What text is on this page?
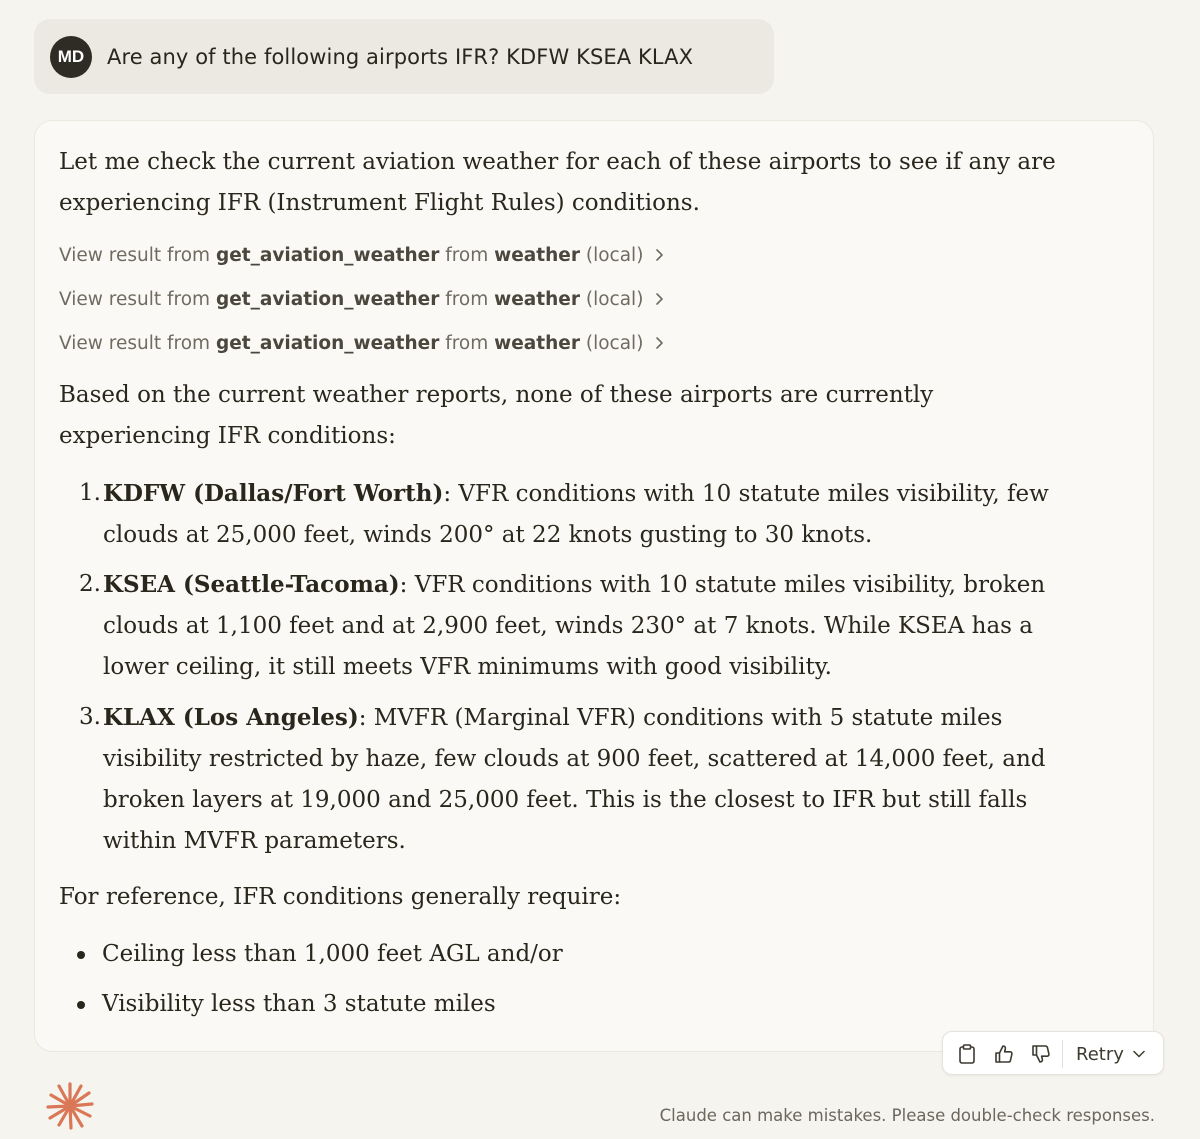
MD	Are any of the following airports IFR? KDFW KSEA KLAX

Let me check the current aviation weather for each of these airports to see if any are experiencing IFR (Instrument Flight Rules) conditions.

View result from
get_aviation_weather
from
weather
(local)
View result from
get_aviation_weather
from
weather
(local)
View result from
get_aviation_weather
from
weather
(local)

Based on the current weather reports, none of these airports are currently experiencing IFR conditions:

1. KDFW (Dallas/Fort Worth): VFR conditions with 10 statute miles visibility, few clouds at 25,000 feet, winds 200° at 22 knots gusting to 30 knots.

2. KSEA (Seattle-Tacoma): VFR conditions with 10 statute miles visibility, broken clouds at 1,100 feet and at 2,900 feet, winds 230° at 7 knots. While KSEA has a lower ceiling, it still meets VFR minimums with good visibility.

3. KLAX (Los Angeles): MVFR (Marginal VFR) conditions with 5 statute miles visibility restricted by haze, few clouds at 900 feet, scattered at 14,000 feet, and broken layers at 19,000 and 25,000 feet. This is the closest to IFR but still falls within MVFR parameters.

For reference, IFR conditions generally require:

Ceiling less than 1,000 feet AGL and/or
Visibility less than 3 statute miles
Retry
Claude can make mistakes. Please double-check responses.
